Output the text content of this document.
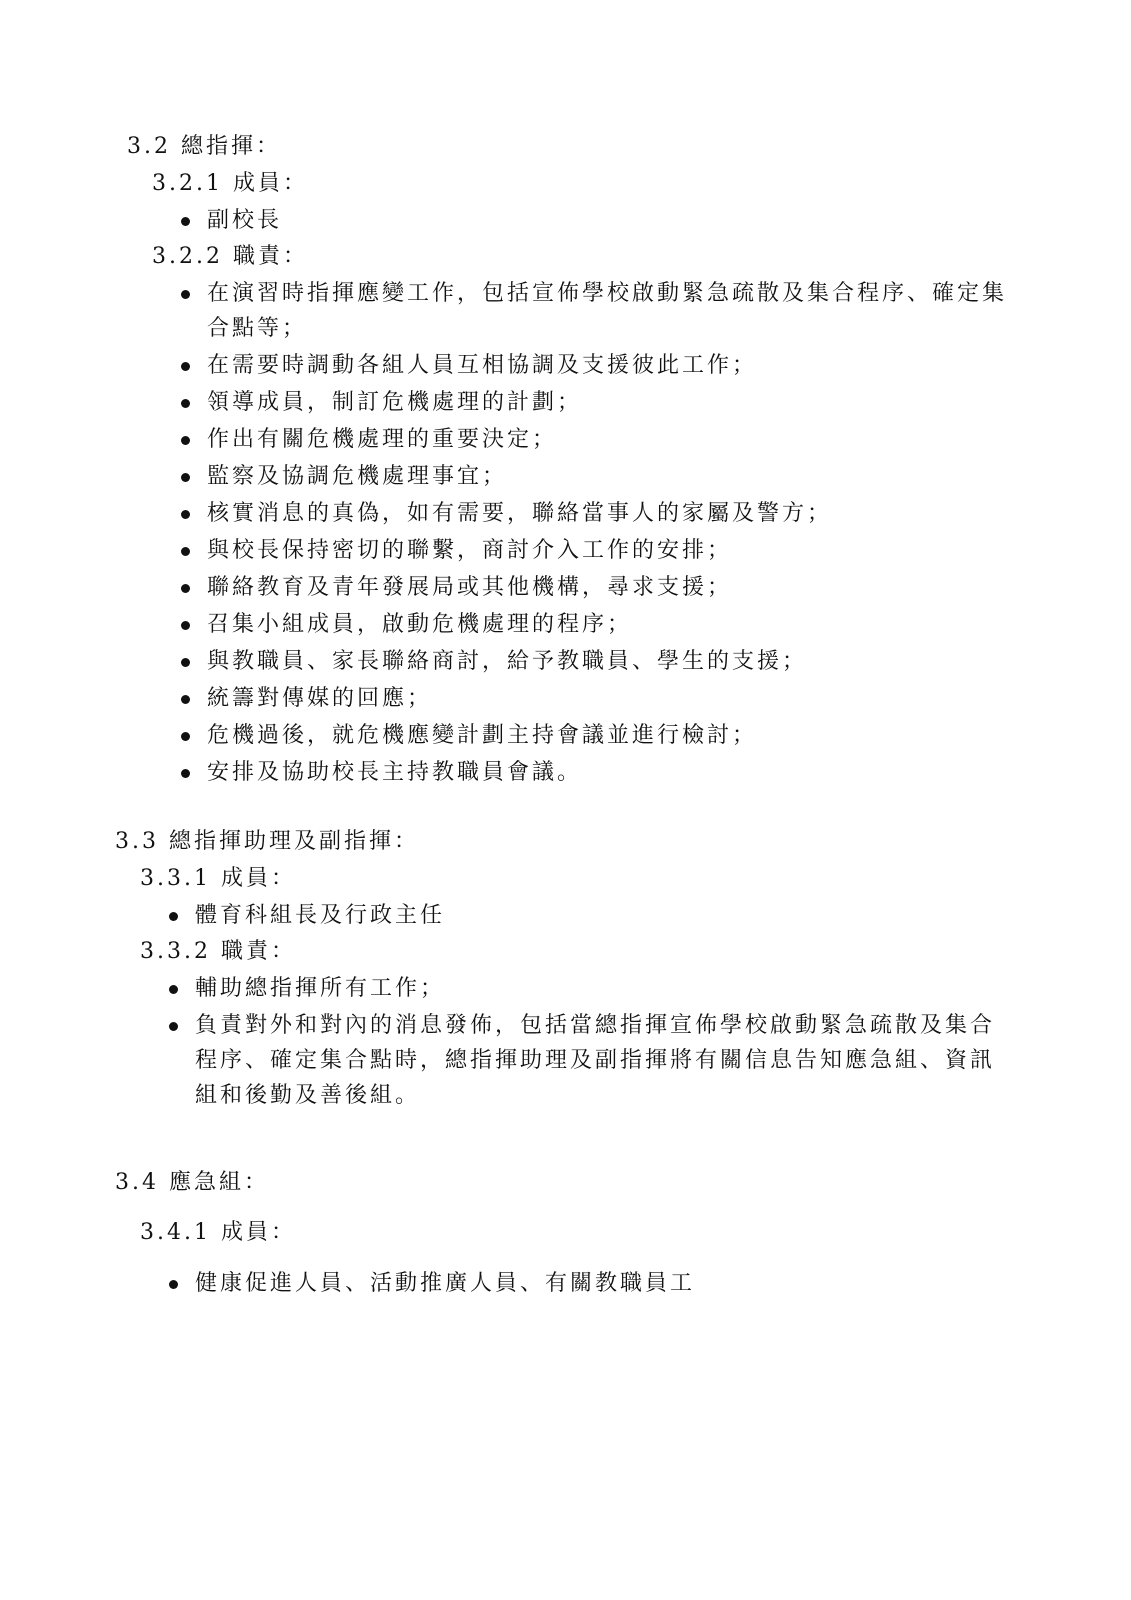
3.2 總指揮：
3.2.1 成員：
副校長
3.2.2 職責：
在演習時指揮應變工作，包括宣佈學校啟動緊急疏散及集合程序、確定集合點等；
在需要時調動各組人員互相協調及支援彼此工作；
領導成員，制訂危機處理的計劃；
作出有關危機處理的重要決定；
監察及協調危機處理事宜；
核實消息的真偽，如有需要，聯絡當事人的家屬及警方；
與校長保持密切的聯繫，商討介入工作的安排；
聯絡教育及青年發展局或其他機構，尋求支援；
召集小組成員，啟動危機處理的程序；
與教職員、家長聯絡商討，給予教職員、學生的支援；
統籌對傳媒的回應；
危機過後，就危機應變計劃主持會議並進行檢討；
安排及協助校長主持教職員會議。
3.3 總指揮助理及副指揮：
3.3.1 成員：
體育科組長及行政主任
3.3.2 職責：
輔助總指揮所有工作；
負責對外和對內的消息發佈，包括當總指揮宣佈學校啟動緊急疏散及集合程序、確定集合點時，總指揮助理及副指揮將有關信息告知應急組、資訊組和後勤及善後組。
3.4 應急組：
3.4.1 成員：
健康促進人員、活動推廣人員、有關教職員工
